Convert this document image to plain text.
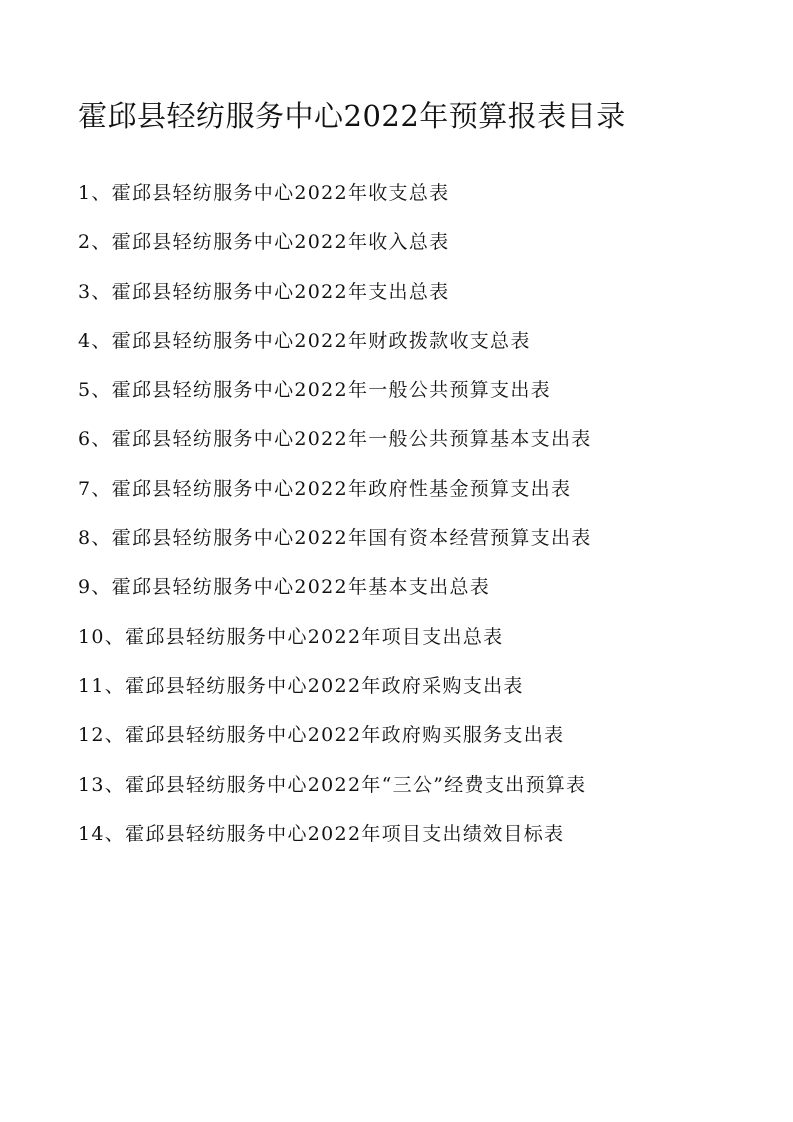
霍邱县轻纺服务中心2022年预算报表目录
1、霍邱县轻纺服务中心2022年收支总表
2、霍邱县轻纺服务中心2022年收入总表
3、霍邱县轻纺服务中心2022年支出总表
4、霍邱县轻纺服务中心2022年财政拨款收支总表
5、霍邱县轻纺服务中心2022年一般公共预算支出表
6、霍邱县轻纺服务中心2022年一般公共预算基本支出表
7、霍邱县轻纺服务中心2022年政府性基金预算支出表
8、霍邱县轻纺服务中心2022年国有资本经营预算支出表
9、霍邱县轻纺服务中心2022年基本支出总表
10、霍邱县轻纺服务中心2022年项目支出总表
11、霍邱县轻纺服务中心2022年政府采购支出表
12、霍邱县轻纺服务中心2022年政府购买服务支出表
13、霍邱县轻纺服务中心2022年“三公”经费支出预算表
14、霍邱县轻纺服务中心2022年项目支出绩效目标表
